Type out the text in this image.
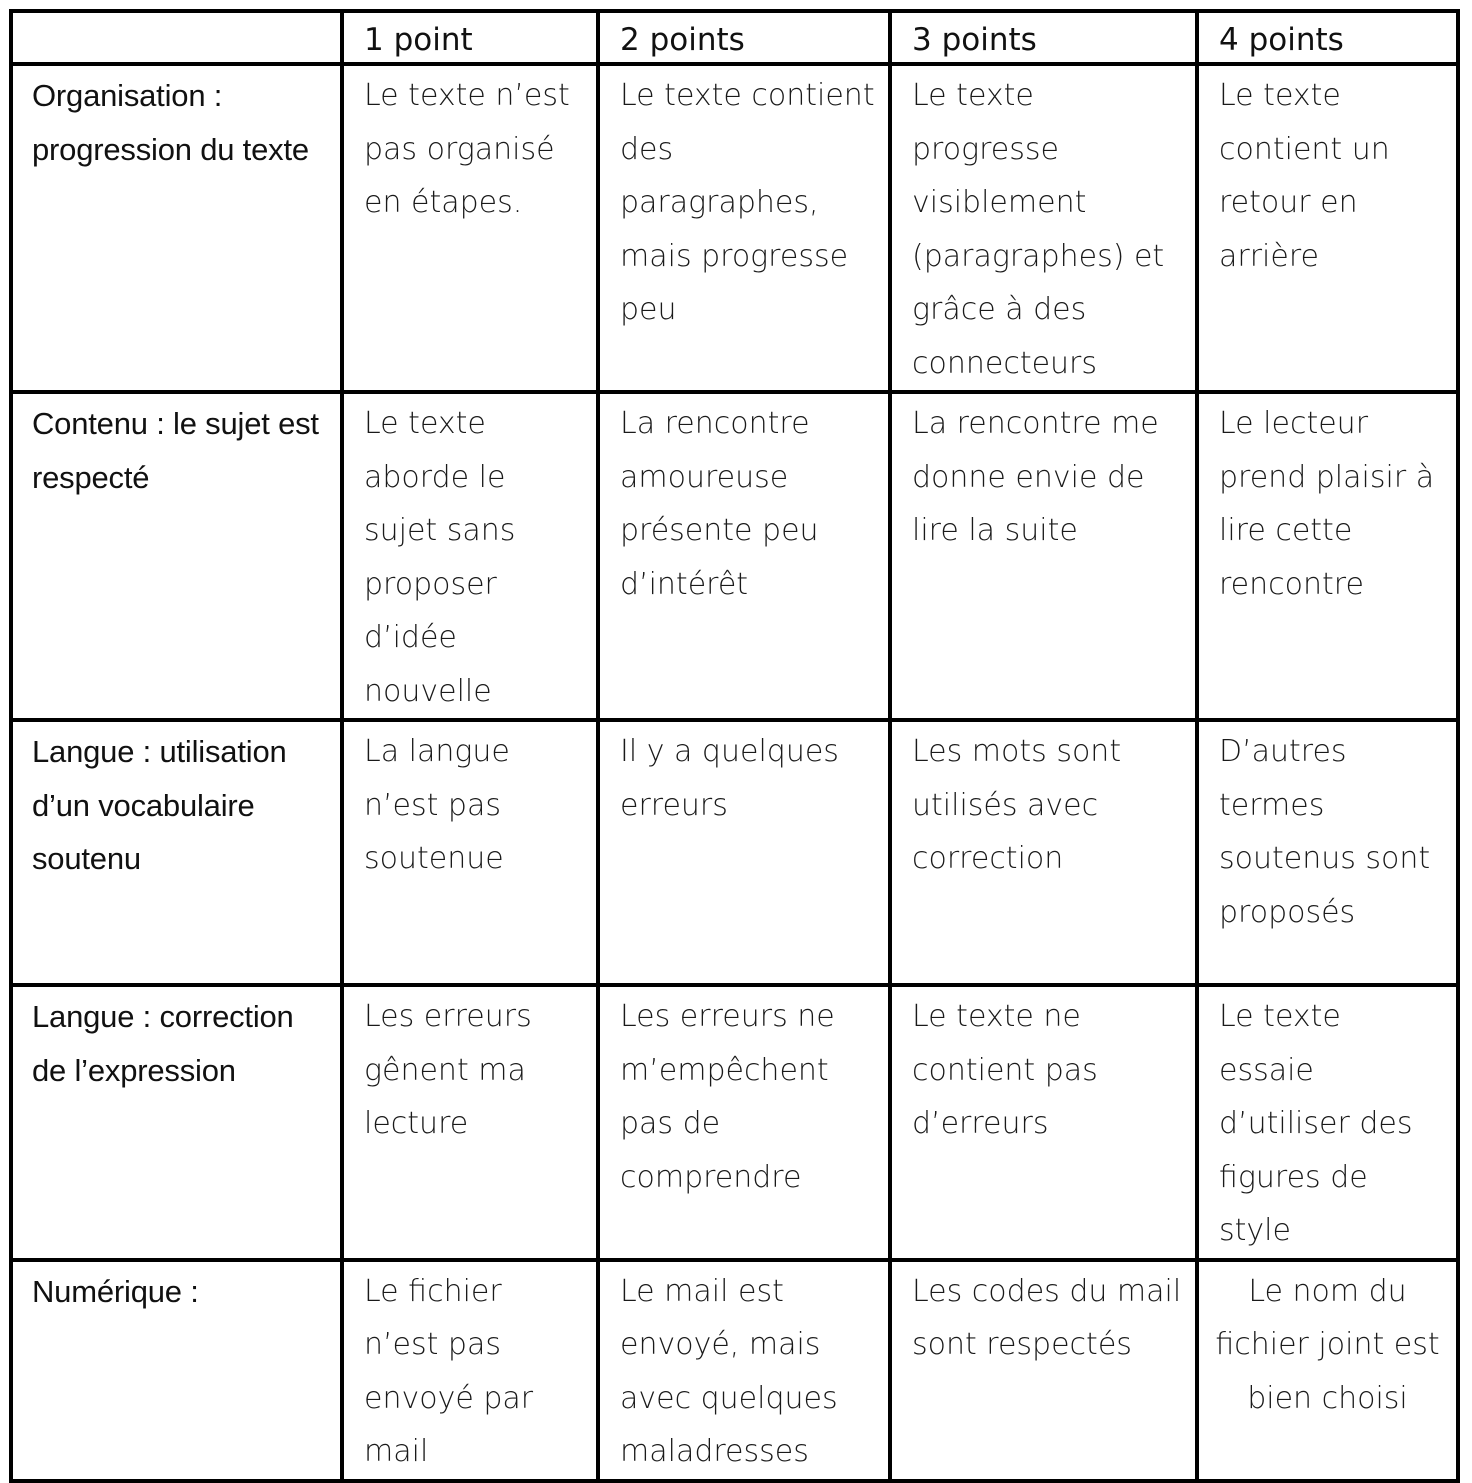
	1 point	2 points	3 points	4 points
Organisation : progression du texte	Le texte n’est pas organisé en étapes.	Le texte contient des paragraphes, mais progresse peu	Le texte progresse visiblement (paragraphes) et grâce à des connecteurs	Le texte contient un retour en arrière
Contenu : le sujet est respecté	Le texte aborde le sujet sans proposer d’idée nouvelle	La rencontre amoureuse présente peu d’intérêt	La rencontre me donne envie de lire la suite	Le lecteur prend plaisir à lire cette rencontre
Langue : utilisation d’un vocabulaire soutenu	La langue n’est pas soutenue	Il y a quelques erreurs	Les mots sont utilisés avec correction	D’autres termes soutenus sont proposés
Langue : correction de l’expression	Les erreurs gênent ma lecture	Les erreurs ne m’empêchent pas de comprendre	Le texte ne contient pas d’erreurs	Le texte essaie d’utiliser des figures de style
Numérique :	Le fichier n’est pas envoyé par mail	Le mail est envoyé, mais avec quelques maladresses	Les codes du mail sont respectés	Le nom du fichier joint est bien choisi
